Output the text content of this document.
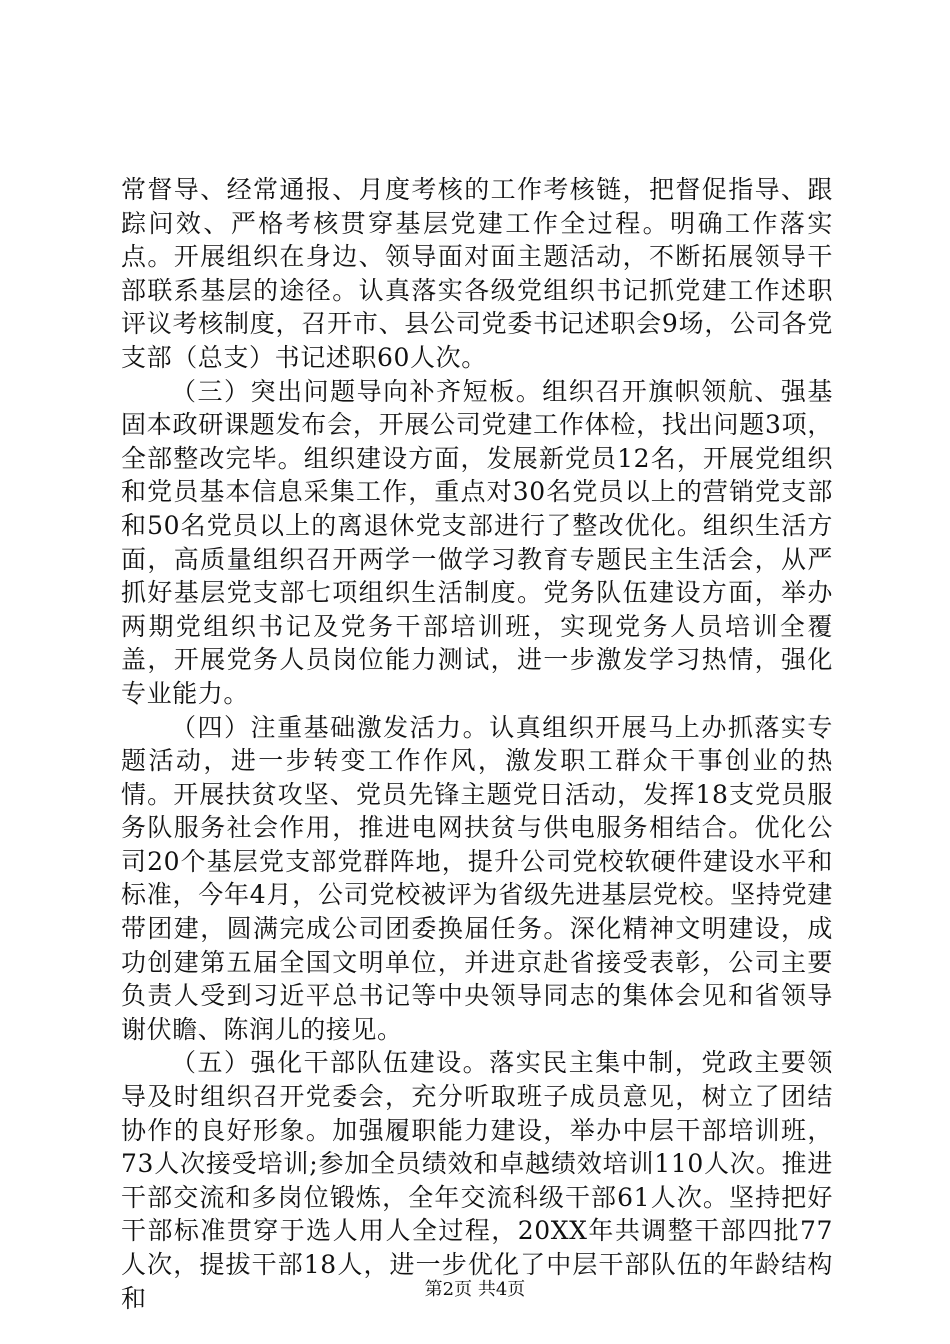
常督导、经常通报、月度考核的工作考核链，把督促指导、跟踪问效、严格考核贯穿基层党建工作全过程。明确工作落实点。开展组织在身边、领导面对面主题活动，不断拓展领导干部联系基层的途径。认真落实各级党组织书记抓党建工作述职评议考核制度，召开市、县公司党委书记述职会9场，公司各党支部（总支）书记述职60人次。

（三）突出问题导向补齐短板。组织召开旗帜领航、强基固本政研课题发布会，开展公司党建工作体检，找出问题3项，全部整改完毕。组织建设方面，发展新党员12名，开展党组织和党员基本信息采集工作，重点对30名党员以上的营销党支部和50名党员以上的离退休党支部进行了整改优化。组织生活方面，高质量组织召开两学一做学习教育专题民主生活会，从严抓好基层党支部七项组织生活制度。党务队伍建设方面，举办两期党组织书记及党务干部培训班，实现党务人员培训全覆盖，开展党务人员岗位能力测试，进一步激发学习热情，强化专业能力。

（四）注重基础激发活力。认真组织开展马上办抓落实专题活动，进一步转变工作作风，激发职工群众干事创业的热情。开展扶贫攻坚、党员先锋主题党日活动，发挥18支党员服务队服务社会作用，推进电网扶贫与供电服务相结合。优化公司20个基层党支部党群阵地，提升公司党校软硬件建设水平和标准，今年4月，公司党校被评为省级先进基层党校。坚持党建带团建，圆满完成公司团委换届任务。深化精神文明建设，成功创建第五届全国文明单位，并进京赴省接受表彰，公司主要负责人受到习近平总书记等中央领导同志的集体会见和省领导谢伏瞻、陈润儿的接见。

（五）强化干部队伍建设。落实民主集中制，党政主要领导及时组织召开党委会，充分听取班子成员意见，树立了团结协作的良好形象。加强履职能力建设，举办中层干部培训班，73人次接受培训;参加全员绩效和卓越绩效培训110人次。推进干部交流和多岗位锻炼，全年交流科级干部61人次。坚持把好干部标准贯穿于选人用人全过程，20XX年共调整干部四批77人次，提拔干部18人，进一步优化了中层干部队伍的年龄结构和	第2页 共4页
